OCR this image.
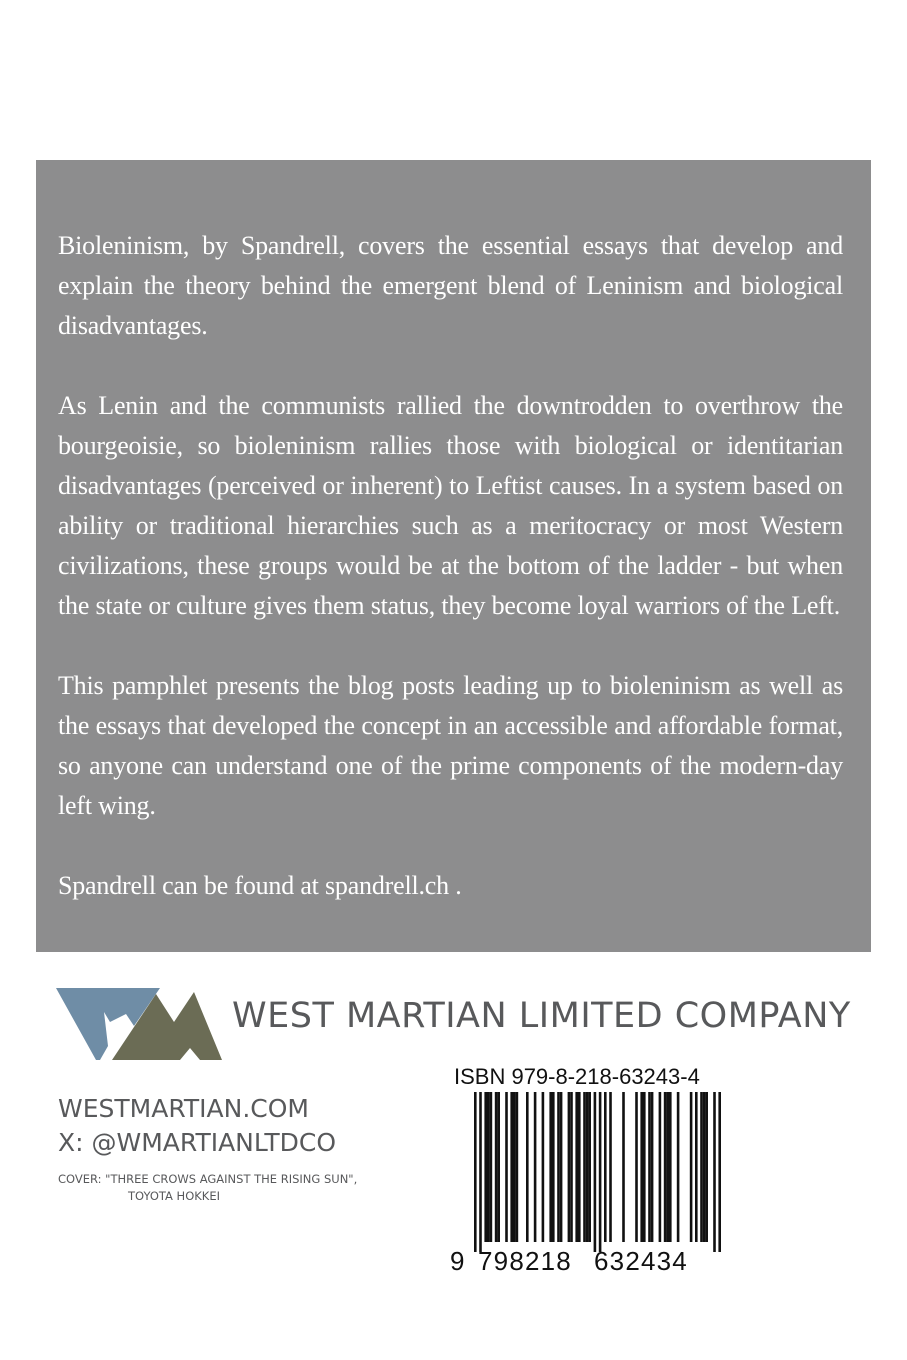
Bioleninism, by Spandrell, covers the essential essays that develop and explain the theory behind the emergent blend of Leninism and biological disadvantages.

As Lenin and the communists rallied the downtrodden to overthrow the bourgeoisie, so bioleninism rallies those with biological or identitarian disadvantages (perceived or inherent) to Leftist causes. In a system based on ability or traditional hierarchies such as a meritocracy or most Western civilizations, these groups would be at the bottom of the ladder - but when the state or culture gives them status, they become loyal warriors of the Left.

This pamphlet presents the blog posts leading up to bioleninism as well as the essays that developed the concept in an accessible and affordable format, so anyone can understand one of the prime components of the modern-day left wing.

Spandrell can be found at spandrell.ch .

WEST MARTIAN LIMITED COMPANY
WESTMARTIAN.COM
X: @WMARTIANLTDCO
COVER: "THREE CROWS AGAINST THE RISING SUN",
TOYOTA HOKKEI
ISBN 979-8-218-63243-4
9 798218 632434
